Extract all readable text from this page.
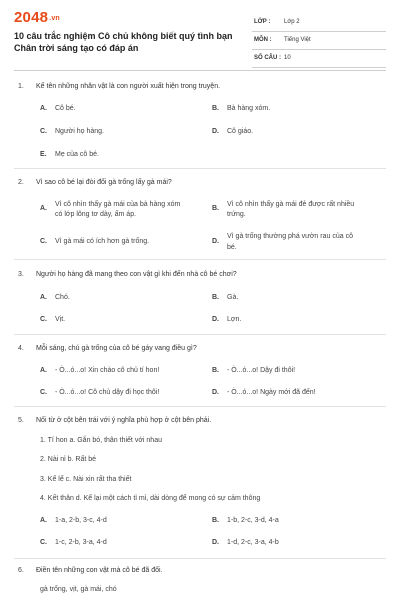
2048.vn
10 câu trắc nghiệm Cô chủ không biết quý tình bạn Chân trời sáng tạo có đáp án
LỚP : Lớp 2
MÔN : Tiếng Việt
SỐ CÂU : 10
1. Kể tên những nhân vật là con người xuất hiện trong truyện.
A. Cô bé.	B. Bà hàng xóm.
C. Người họ hàng.	D. Cô giáo.
E. Mẹ của cô bé.
2. Vì sao cô bé lại đòi đổi gà trống lấy gà mái?
A.
Vì cô nhìn thấy gà mái của bà hàng xóm
có lớp lông tơ dày, ấm áp.
B.
Vì cô nhìn thấy gà mái đẻ được rất nhiều
trứng.
C. Vì gà mái có ích hơn gà trống.	D.
Vì gà trống thường phá vườn rau của cô
bé.
3. Người họ hàng đã mang theo con vật gì khi đến nhà cô bé chơi?
A. Chó.	B. Gà.
C. Vịt.	D. Lợn.
4. Mỗi sáng, chú gà trống của cô bé gáy vang điều gì?
A. - Ò...ó...o! Xin chào cô chủ tí hon!	B. - Ò...ó...o! Dậy đi thôi!
C. - Ò...ó...o! Cô chủ dậy đi học thôi!	D. - Ò...ó...o! Ngày mới đã đến!
5. Nối từ ở cột bên trái với ý nghĩa phù hợp ở cột bên phải.
1. Tí hon a. Gắn bó, thân thiết với nhau
2. Nài nỉ b. Rất bé
3. Kể lể c. Nài xin rất tha thiết
4. Kết thân d. Kể lại một cách tỉ mỉ, dài dòng để mong có sự cảm thông
A. 1-a, 2-b, 3-c, 4-d	B. 1-b, 2-c, 3-d, 4-a
C. 1-c, 2-b, 3-a, 4-d	D. 1-d, 2-c, 3-a, 4-b
6. Điền tên những con vật mà cô bé đã đổi.
gà trống, vịt, gà mái, chó
